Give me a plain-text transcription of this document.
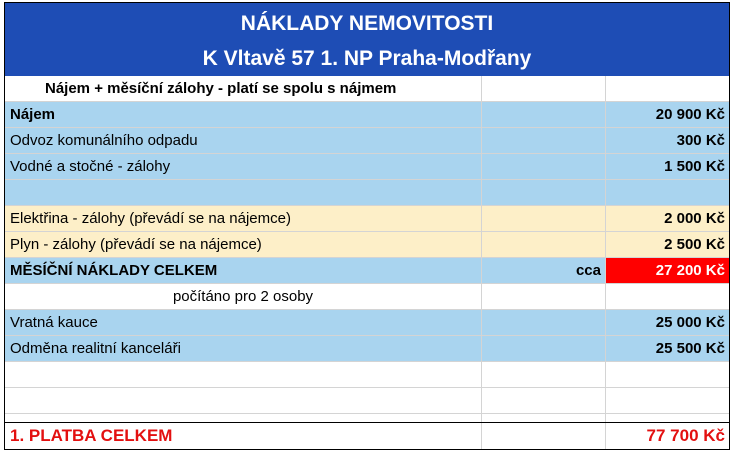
NÁKLADY NEMOVITOSTI
K Vltavě 57 1. NP Praha-Modřany
Nájem + měsíční zálohy - platí se spolu s nájmem
Nájem	20 900 Kč
Odvoz komunálního odpadu	300 Kč
Vodné a stočné - zálohy	1 500 Kč
Elektřina - zálohy (převádí se na nájemce)	2 000 Kč
Plyn - zálohy (převádí se na nájemce)	2 500 Kč
MĚSÍČNÍ NÁKLADY CELKEM	cca	27 200 Kč
počítáno pro 2 osoby
Vratná kauce	25 000 Kč
Odměna realitní kanceláři	25 500 Kč
1. PLATBA CELKEM	77 700 Kč
